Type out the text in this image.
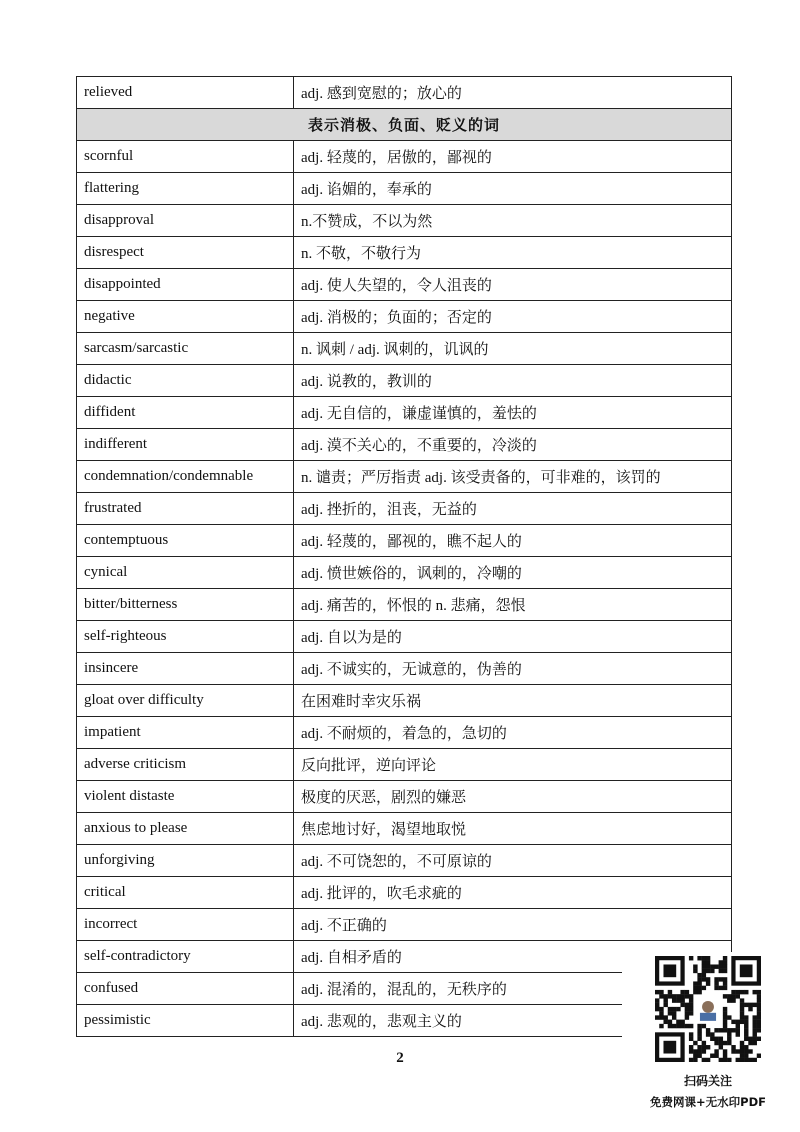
relieved	adj. 感到宽慰的；放心的
表示消极、负面、贬义的词	
scornful	adj. 轻蔑的，居傲的，鄙视的
flattering	adj. 谄媚的，奉承的
disapproval	n.不赞成，不以为然
disrespect	n. 不敬，不敬行为
disappointed	adj. 使人失望的，令人沮丧的
negative	adj. 消极的；负面的；否定的
sarcasm/sarcastic	n. 讽刺 / adj. 讽刺的，讥讽的
didactic	adj. 说教的，教训的
diffident	adj. 无自信的，谦虚谨慎的，羞怯的
indifferent	adj. 漠不关心的，不重要的，冷淡的
condemnation/condemnable	n. 谴责；严厉指责 adj. 该受责备的，可非难的，该罚的
frustrated	adj. 挫折的，沮丧，无益的
contemptuous	adj. 轻蔑的，鄙视的，瞧不起人的
cynical	adj. 愤世嫉俗的，讽刺的，冷嘲的
bitter/bitterness	adj. 痛苦的，怀恨的 n. 悲痛，怨恨
self-righteous	adj. 自以为是的
insincere	adj. 不诚实的，无诚意的，伪善的
gloat over difficulty	在困难时幸灾乐祸
impatient	adj. 不耐烦的，着急的，急切的
adverse criticism	反向批评，逆向评论
violent distaste	极度的厌恶，剧烈的嫌恶
anxious to please	焦虑地讨好，渴望地取悦
unforgiving	adj. 不可饶恕的，不可原谅的
critical	adj. 批评的，吹毛求疵的
incorrect	adj. 不正确的
self-contradictory	adj. 自相矛盾的
confused	adj. 混淆的，混乱的，无秩序的
pessimistic	adj. 悲观的，悲观主义的
2
扫码关注
免费网课+无水印PDF
